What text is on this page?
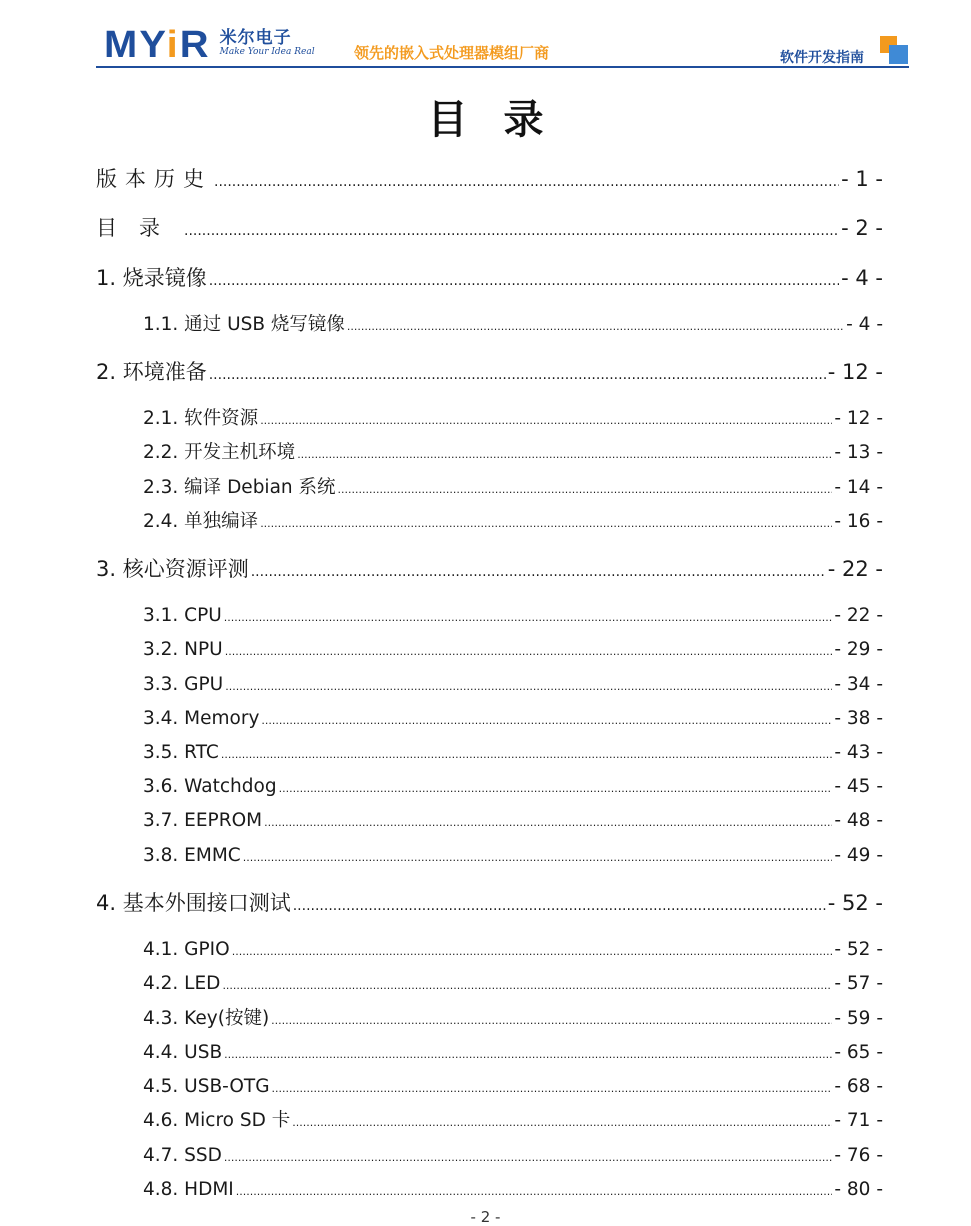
MYiR 米尔电子
Make Your Idea Real	领先的嵌入式处理器模组厂商	软件开发指南
目录
版本历史 .....	- 1 -
目录 .....	- 2 -
1. 烧录镜像 .....	- 4 -
1.1. 通过 USB 烧写镜像 .....	- 4 -
2. 环境准备 .....	- 12 -
2.1. 软件资源 .....	- 12 -
2.2. 开发主机环境 .....	- 13 -
2.3. 编译 Debian 系统 .....	- 14 -
2.4. 单独编译 .....	- 16 -
3. 核心资源评测 .....	- 22 -
3.1. CPU .....	- 22 -
3.2. NPU .....	- 29 -
3.3. GPU .....	- 34 -
3.4. Memory .....	- 38 -
3.5. RTC .....	- 43 -
3.6. Watchdog .....	- 45 -
3.7. EEPROM .....	- 48 -
3.8. EMMC .....	- 49 -
4. 基本外围接口测试 .....	- 52 -
4.1. GPIO .....	- 52 -
4.2. LED .....	- 57 -
4.3. Key(按键) .....	- 59 -
4.4. USB .....	- 65 -
4.5. USB-OTG .....	- 68 -
4.6. Micro SD 卡 .....	- 71 -
4.7. SSD .....	- 76 -
4.8. HDMI .....	- 80 -
- 2 -
